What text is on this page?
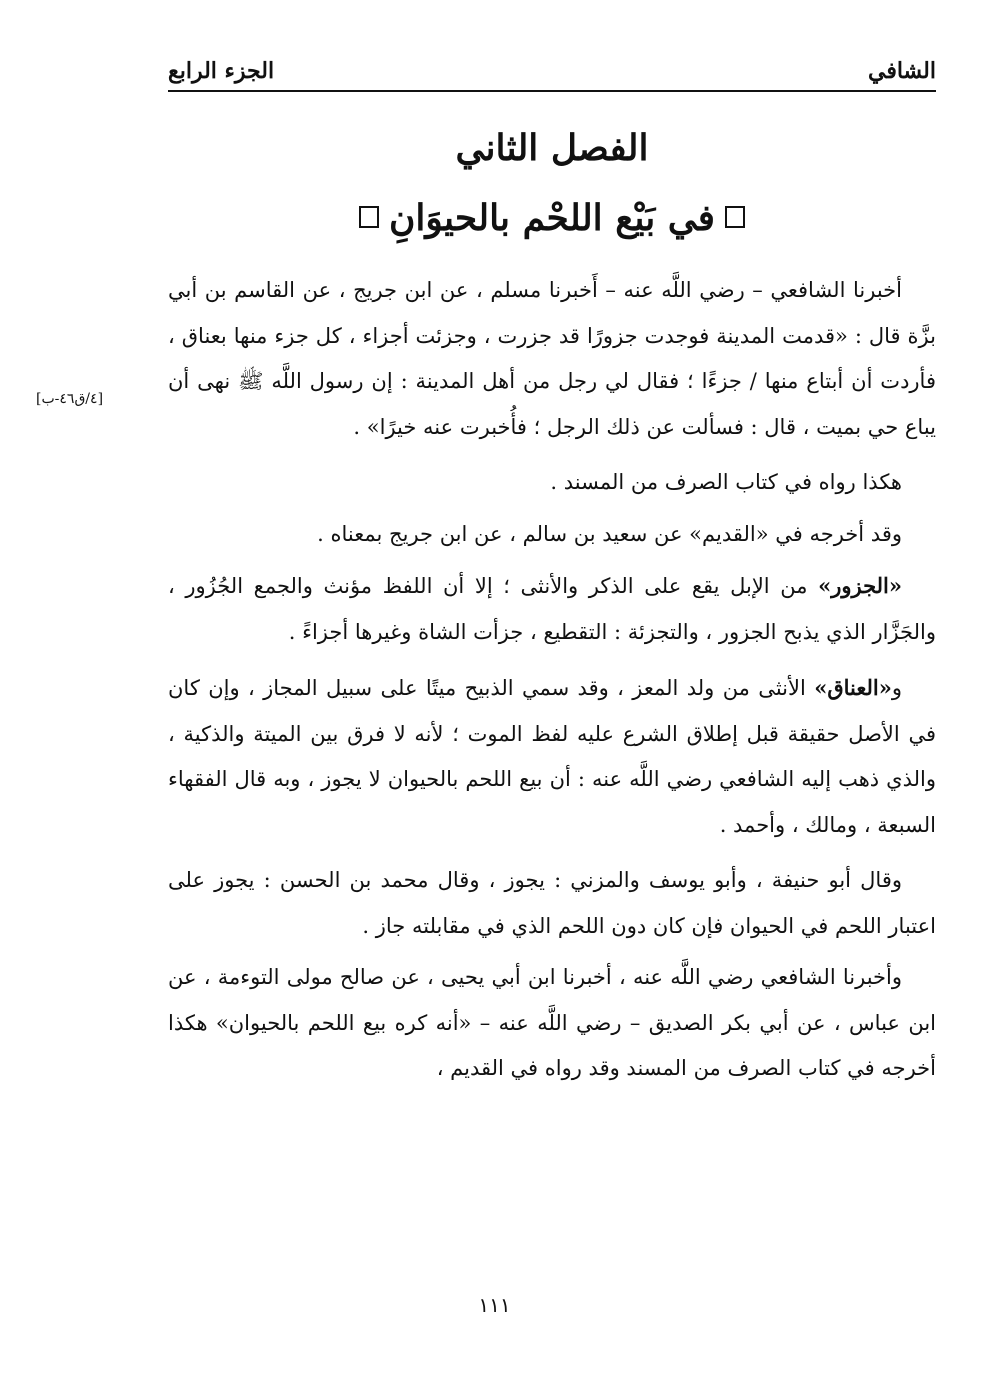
الشافي
الجزء الرابع
الفصل الثاني
في بَيْع اللحْم بالحيوَانِ
[٤/ق٤٦-ب]

أخبرنا الشافعي – رضي اللَّه عنه – أَخبرنا مسلم ، عن ابن جريج ، عن القاسم بن أبي بزَّة قال : «قدمت المدينة فوجدت جزورًا قد جزرت ، وجزئت أجزاء ، كل جزء منها بعناق ، فأردت أن أبتاع منها / جزءًا ؛ فقال لي رجل من أهل المدينة : إن رسول اللَّه ﷺ نهى أن يباع حي بميت ، قال : فسألت عن ذلك الرجل ؛ فأُخبرت عنه خيرًا» .

هكذا رواه في كتاب الصرف من المسند .

وقد أخرجه في «القديم» عن سعيد بن سالم ، عن ابن جريج بمعناه .

«الجزور» من الإبل يقع على الذكر والأنثى ؛ إلا أن اللفظ مؤنث والجمع الجُزُور ، والجَزَّار الذي يذبح الجزور ، والتجزئة : التقطيع ، جزأت الشاة وغيرها أجزاءً .

و«العناق» الأنثى من ولد المعز ، وقد سمي الذبيح ميتًا على سبيل المجاز ، وإن كان في الأصل حقيقة قبل إطلاق الشرع عليه لفظ الموت ؛ لأنه لا فرق بين الميتة والذكية ، والذي ذهب إليه الشافعي رضي اللَّه عنه : أن بيع اللحم بالحيوان لا يجوز ، وبه قال الفقهاء السبعة ، ومالك ، وأحمد .

وقال أبو حنيفة ، وأبو يوسف والمزني : يجوز ، وقال محمد بن الحسن : يجوز على اعتبار اللحم في الحيوان فإن كان دون اللحم الذي في مقابلته جاز .

وأخبرنا الشافعي رضي اللَّه عنه ، أخبرنا ابن أبي يحيى ، عن صالح مولى التوءمة ، عن ابن عباس ، عن أبي بكر الصديق – رضي اللَّه عنه – «أنه كره بيع اللحم بالحيوان» هكذا أخرجه في كتاب الصرف من المسند وقد رواه في القديم ،

١١١
